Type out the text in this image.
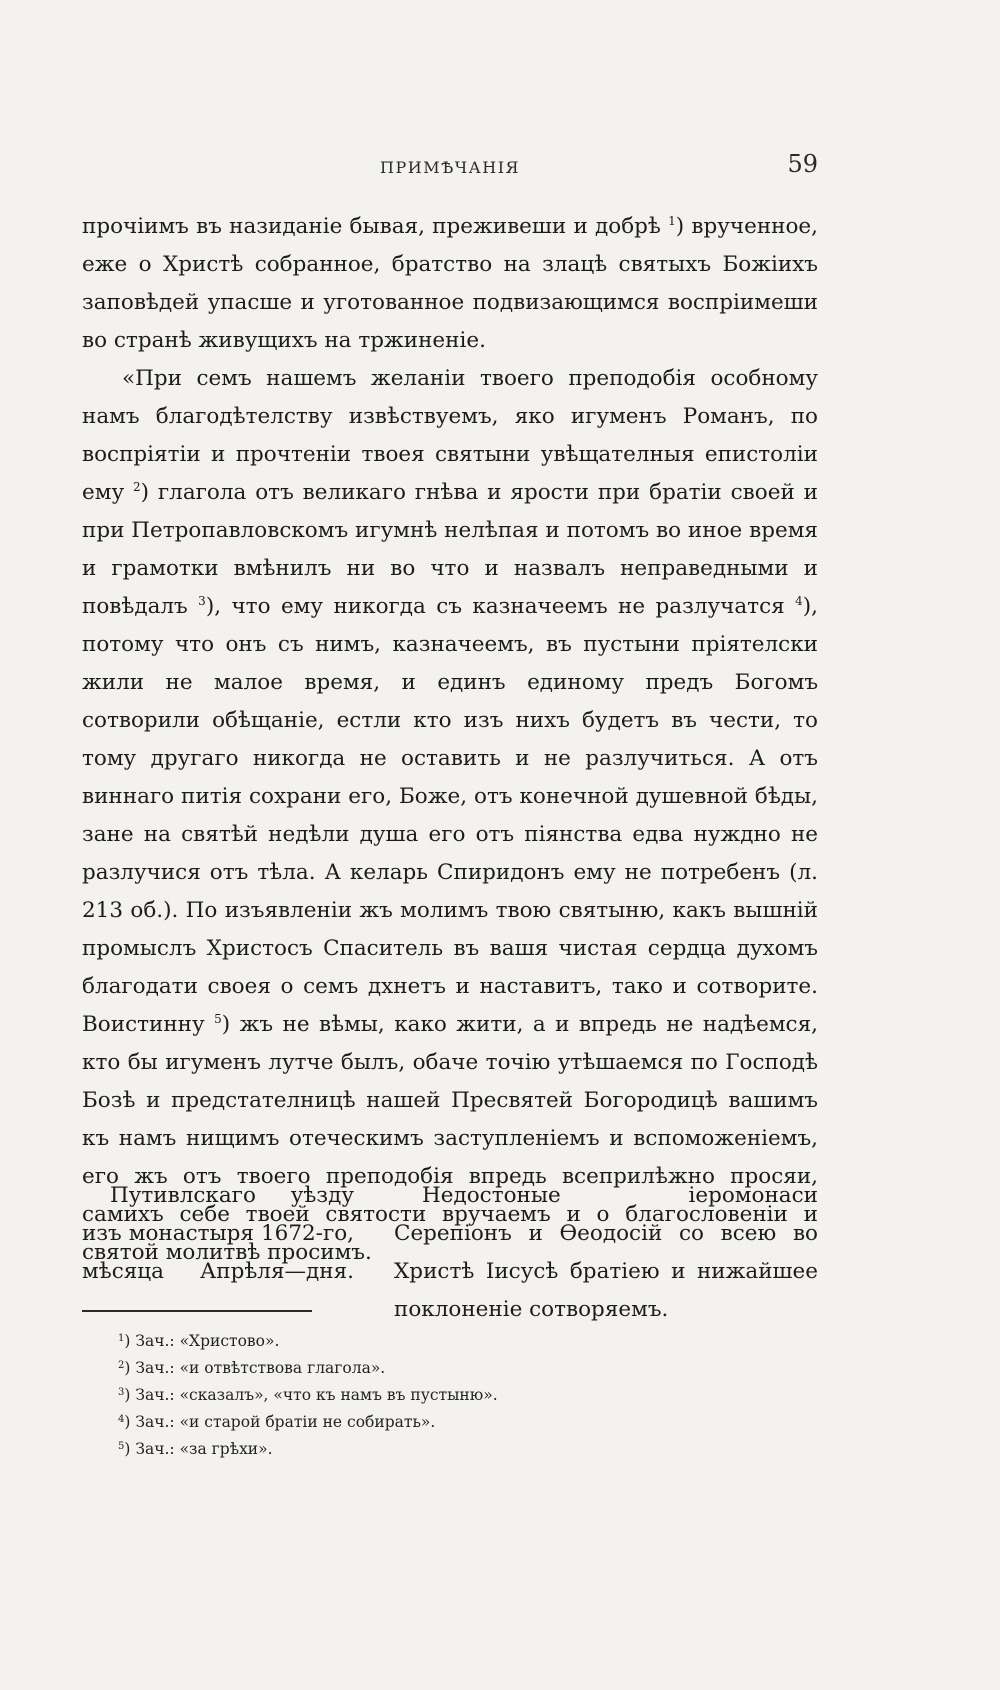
ПРИМѢЧАНІЯ	59

прочіимъ въ назиданіе бывая, преживеши и добрѣ $^1$) врученное, еже о Христѣ собранное, братство на злацѣ святыхъ Божіихъ заповѣдей упасше и уготованное подвизающимся воспріимеши во странѣ живущихъ на тржиненіе.

«При семъ нашемъ желаніи твоего преподобія особному намъ благодѣтелству извѣствуемъ, яко игуменъ Романъ, по воспріятіи и прочтеніи твоея святыни увѣщателныя епистоліи ему $^2$) глагола отъ великаго гнѣва и ярости при братіи своей и при Петропавловскомъ игумнѣ нелѣпая и потомъ во иное время и грамотки вмѣнилъ ни во что и назвалъ неправедными и повѣдалъ $^3$), что ему никогда съ казначеемъ не разлучатся $^4$), потому что онъ съ нимъ, казначеемъ, въ пустыни пріятелски жили не малое время, и единъ единому предъ Богомъ сотворили обѣщаніе, естли кто изъ нихъ будетъ въ чести, то тому другаго никогда не оставить и не разлучиться. А отъ виннаго питія сохрани его, Боже, отъ конечной душевной бѣды, зане на святѣй недѣли душа его отъ піянства едва нуждно не разлучися отъ тѣла. А келарь Спиридонъ ему не потребенъ (л. 213 об.). По изъявленіи жъ молимъ твою святыню, какъ вышній промыслъ Христосъ Спаситель въ вашя чистая сердца духомъ благодати своея о семъ дхнетъ и наставитъ, тако и сотворите. Воистинну $^5$) жъ не вѣмы, како жити, а и впредь не надѣемся, кто бы игуменъ лутче былъ, обаче точію утѣшаемся по Господѣ Бозѣ и предстателницѣ нашей Пресвятей Богородицѣ вашимъ къ намъ нищимъ отеческимъ заступленіемъ и вспоможеніемъ, его жъ отъ твоего преподобія впредь всеприлѣжно просяи, самихъ себе твоей святости вручаемъ и о благословеніи и святой молитвѣ просимъ.

Путивлскаго уѣзду
изъ монастыря 1672-го,
мѣсяца Апрѣля—дня.
Недостоные іеромонаси Серепіонъ и Ѳеодосій со всею во Христѣ Іисусѣ братіею и нижайшее поклоненіе сотворяемъ.
$^1$) Зач.: «Христово».
$^2$) Зач.: «и отвѣтствова глагола».
$^3$) Зач.: «сказалъ», «что къ намъ въ пустыню».
$^4$) Зач.: «и старой братіи не собирать».
$^5$) Зач.: «за грѣхи».
